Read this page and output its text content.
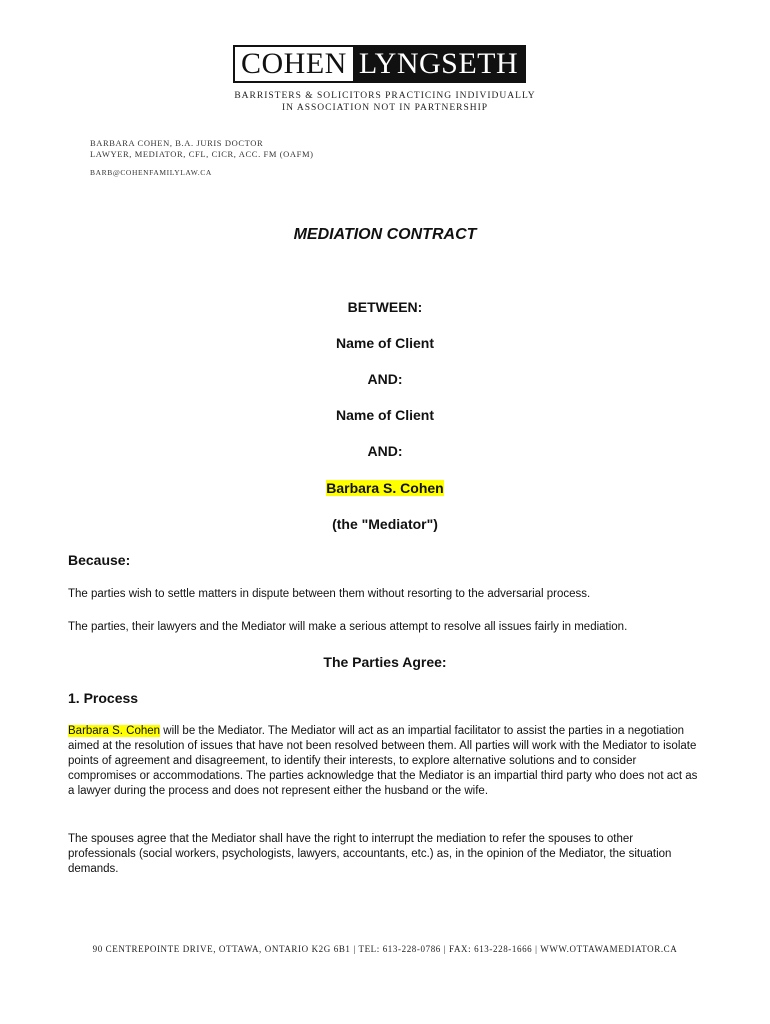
COHEN LYNGSETH
BARRISTERS & SOLICITORS PRACTICING INDIVIDUALLY
IN ASSOCIATION NOT IN PARTNERSHIP
BARBARA COHEN, B.A. JURIS DOCTOR
LAWYER, MEDIATOR, CFL, CICR, ACC. FM (OAFM)
BARB@COHENFAMILYLAW.CA
MEDIATION CONTRACT
BETWEEN:
Name of Client
AND:
Name of Client
AND:
Barbara S. Cohen
(the "Mediator")
Because:
The parties wish to settle matters in dispute between them without resorting to the adversarial process.
The parties, their lawyers and the Mediator will make a serious attempt to resolve all issues fairly in mediation.
The Parties Agree:
1. Process
Barbara S. Cohen will be the Mediator. The Mediator will act as an impartial facilitator to assist the parties in a negotiation aimed at the resolution of issues that have not been resolved between them. All parties will work with the Mediator to isolate points of agreement and disagreement, to identify their interests, to explore alternative solutions and to consider compromises or accommodations. The parties acknowledge that the Mediator is an impartial third party who does not act as a lawyer during the process and does not represent either the husband or the wife.
The spouses agree that the Mediator shall have the right to interrupt the mediation to refer the spouses to other professionals (social workers, psychologists, lawyers, accountants, etc.) as, in the opinion of the Mediator, the situation demands.
90 CENTREPOINTE DRIVE, OTTAWA, ONTARIO K2G 6B1 | TEL: 613-228-0786 | FAX: 613-228-1666 | WWW.OTTAWAMEDIATOR.CA
